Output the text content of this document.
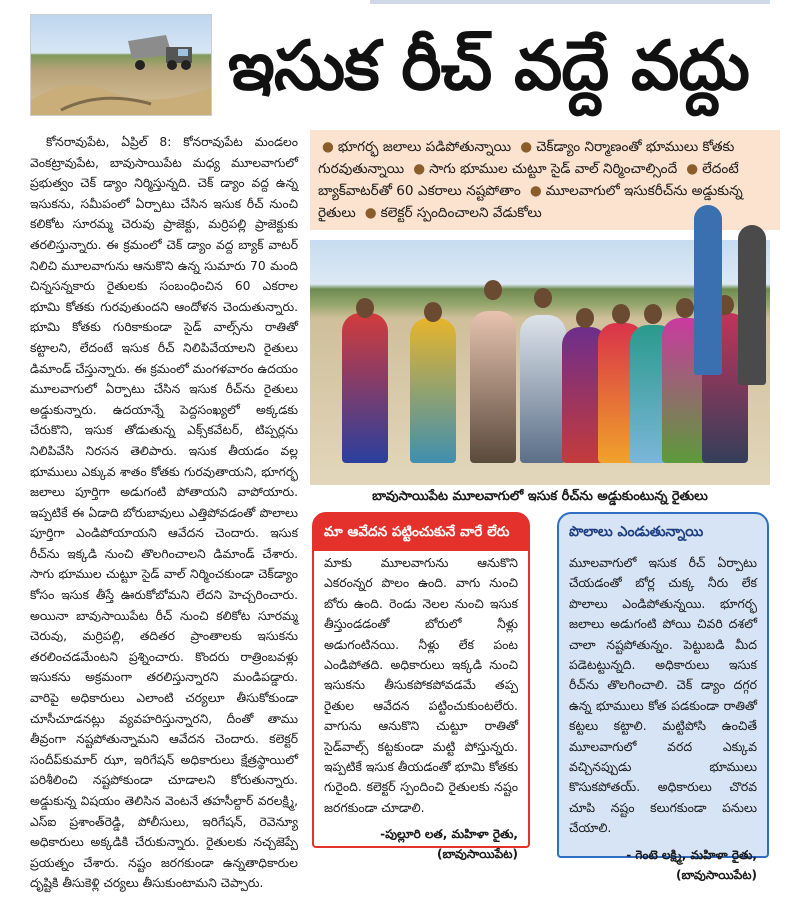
ఇసుక రీచ్ వద్దే వద్దు

కోనరావుపేట, ఏప్రిల్ 8: కోనరావుపేట మండలం వెంకట్రావుపేట, బావుసాయిపేట మధ్య మూలవాగులో ప్రభుత్వం చెక్ డ్యాం నిర్మిస్తున్నది. చెక్ డ్యాం వద్ద ఉన్న ఇసుకను, సమీపంలో ఏర్పాటు చేసిన ఇసుక రీచ్ నుంచి కలికోట సూరమ్మ చెరువు ప్రాజెక్టు, మర్రిపల్లి ప్రాజెక్టుకు తరలిస్తున్నారు. ఈ క్రమంలో చెక్ డ్యాం వద్ద బ్యాక్ వాటర్ నిలిచి మూలవాగును ఆనుకొని ఉన్న సుమారు 70 మంది చిన్నసన్నకారు రైతులకు సంబంధించిన 60 ఎకరాల భూమి కోతకు గురవుతుందని ఆందోళన చెందుతున్నారు. భూమి కోతకు గురికాకుండా సైడ్ వాల్స్‌ను రాతితో కట్టాలని, లేదంటే ఇసుక రీచ్ నిలిపివేయాలని రైతులు డిమాండ్ చేస్తున్నారు. ఈ క్రమంలో మంగళవారం ఉదయం మూలవాగులో ఏర్పాటు చేసిన ఇసుక రీచ్‌ను రైతులు అడ్డుకున్నారు. ఉదయాన్నే పెద్దసంఖ్యలో అక్కడకు చేరుకొని, ఇసుక తోడుతున్న ఎక్స్‌కవేటర్, టిప్పర్లను నిలిపివేసి నిరసన తెలిపారు. ఇసుక తీయడం వల్ల భూములు ఎక్కువ శాతం కోతకు గురవుతాయని, భూగర్భ జలాలు పూర్తిగా అడుగంటి పోతాయని వాపోయారు. ఇప్పటికే ఈ ఏడాది బోరుబావులు ఎత్తిపోవడంతో పొలాలు పూర్తిగా ఎండిపోయాయని ఆవేదన చెందారు. ఇసుక రీచ్‌ను ఇక్కడి నుంచి తొలగించాలని డిమాండ్ చేశారు. సాగు భూముల చుట్టూ సైడ్ వాల్ నిర్మించకుండా చెక్‌డ్యాం కోసం ఇసుక తీస్తే ఊరుకోబోమని లేదని హెచ్చరించారు. అయినా బావుసాయిపేట రీచ్ నుంచి కలికోట సూరమ్మ చెరువు, మర్రిపల్లి, తదితర ప్రాంతాలకు ఇసుకను తరలించడమేంటని ప్రశ్నించారు. కొందరు రాత్రింబవళ్లు ఇసుకను అక్రమంగా తరలిస్తున్నారని మండిపడ్డారు. వారిపై అధికారులు ఎలాంటి చర్యలూ తీసుకోకుండా చూసీచూడనట్లు వ్యవహరిస్తున్నారని, దీంతో తాము తీవ్రంగా నష్టపోతున్నామని ఆవేదన చెందారు. కలెక్టర్ సందీప్‌కుమార్ ఝా, ఇరిగేషన్ అధికారులు క్షేత్రస్థాయిలో పరిశీలించి నష్టపోకుండా చూడాలని కోరుతున్నారు. అడ్డుకున్న విషయం తెలిసిన వెంటనే తహసీల్దార్ వరలక్ష్మి, ఎస్ఐ ప్రశాంత్‌రెడ్డి, పోలీసులు, ఇరిగేషన్, రెవెన్యూ అధికారులు అక్కడికి చేరుకున్నారు. రైతులకు నచ్చజెప్పే ప్రయత్నం చేశారు. నష్టం జరగకుండా ఉన్నతాధికారుల దృష్టికి తీసుకెళ్లి చర్యలు తీసుకుంటామని చెప్పారు.

● భూగర్భ జలాలు పడిపోతున్నాయి ● చెక్‌డ్యాం నిర్మాణంతో భూములు కోతకు గురవుతున్నాయి ● సాగు భూముల చుట్టూ సైడ్ వాల్ నిర్మించాల్సిందే ● లేదంటే బ్యాక్‌వాటర్‌తో 60 ఎకరాలు నష్టపోతాం ● మూలవాగులో ఇసుకరీచ్‌ను అడ్డుకున్న రైతులు ● కలెక్టర్ స్పందించాలని వేడుకోలు
బావుసాయిపేట మూలవాగులో ఇసుక రీచ్‌ను అడ్డుకుంటున్న రైతులు
మా ఆవేదన పట్టించుకునే వారే లేరు
మాకు మూలవాగును ఆనుకొని ఎకరంన్నర పొలం ఉంది. వాగు నుంచి బోరు ఉంది. రెండు నెలల నుంచి ఇసుక తీస్తుండడంతో బోరులో నీళ్లు అడుగంటినయి. నీళ్లు లేక పంట ఎండిపోతది. అధికారులు ఇక్కడి నుంచి ఇసుకను తీసుకపోకపోవడమే తప్ప రైతుల ఆవేదన పట్టించుకుంటలేరు. వాగును ఆనుకొని చుట్టూ రాతితో సైడ్‌వాల్స్ కట్టకుండా మట్టి పోస్తున్నరు. ఇప్పటికే ఇసుక తీయడంతో భూమి కోతకు గురైంది. కలెక్టర్ స్పందించి రైతులకు నష్టం జరగకుండా చూడాలి.
-పుల్లూరి లత, మహిళా రైతు, (బావుసాయిపేట)
పొలాలు ఎండుతున్నాయి
మూలవాగులో ఇసుక రీచ్ ఏర్పాటు చేయడంతో బోర్ల చుక్క నీరు లేక పొలాలు ఎండిపోతున్నయి. భూగర్భ జలాలు అడుగంటి పోయి చివరి దశలో చాలా నష్టపోతున్నం. పెట్టుబడి మీద పడెటట్టున్నది. అధికారులు ఇసుక రీచ్‌ను తొలగించాలి. చెక్ డ్యాం దగ్గర ఉన్న భూములు కోత పడకుండా రాతితో కట్టలు కట్టాలి. మట్టిపోసి ఉంచితే మూలవాగులో వరద ఎక్కువ వచ్చినప్పుడు భూములు కొసుకపోతయ్. అధికారులు చొరవ చూపి నష్టం కలుగకుండా పనులు చేయాలి.
- గెంటె లక్ష్మి, మహిళా రైతు, (బావుసాయిపేట)
